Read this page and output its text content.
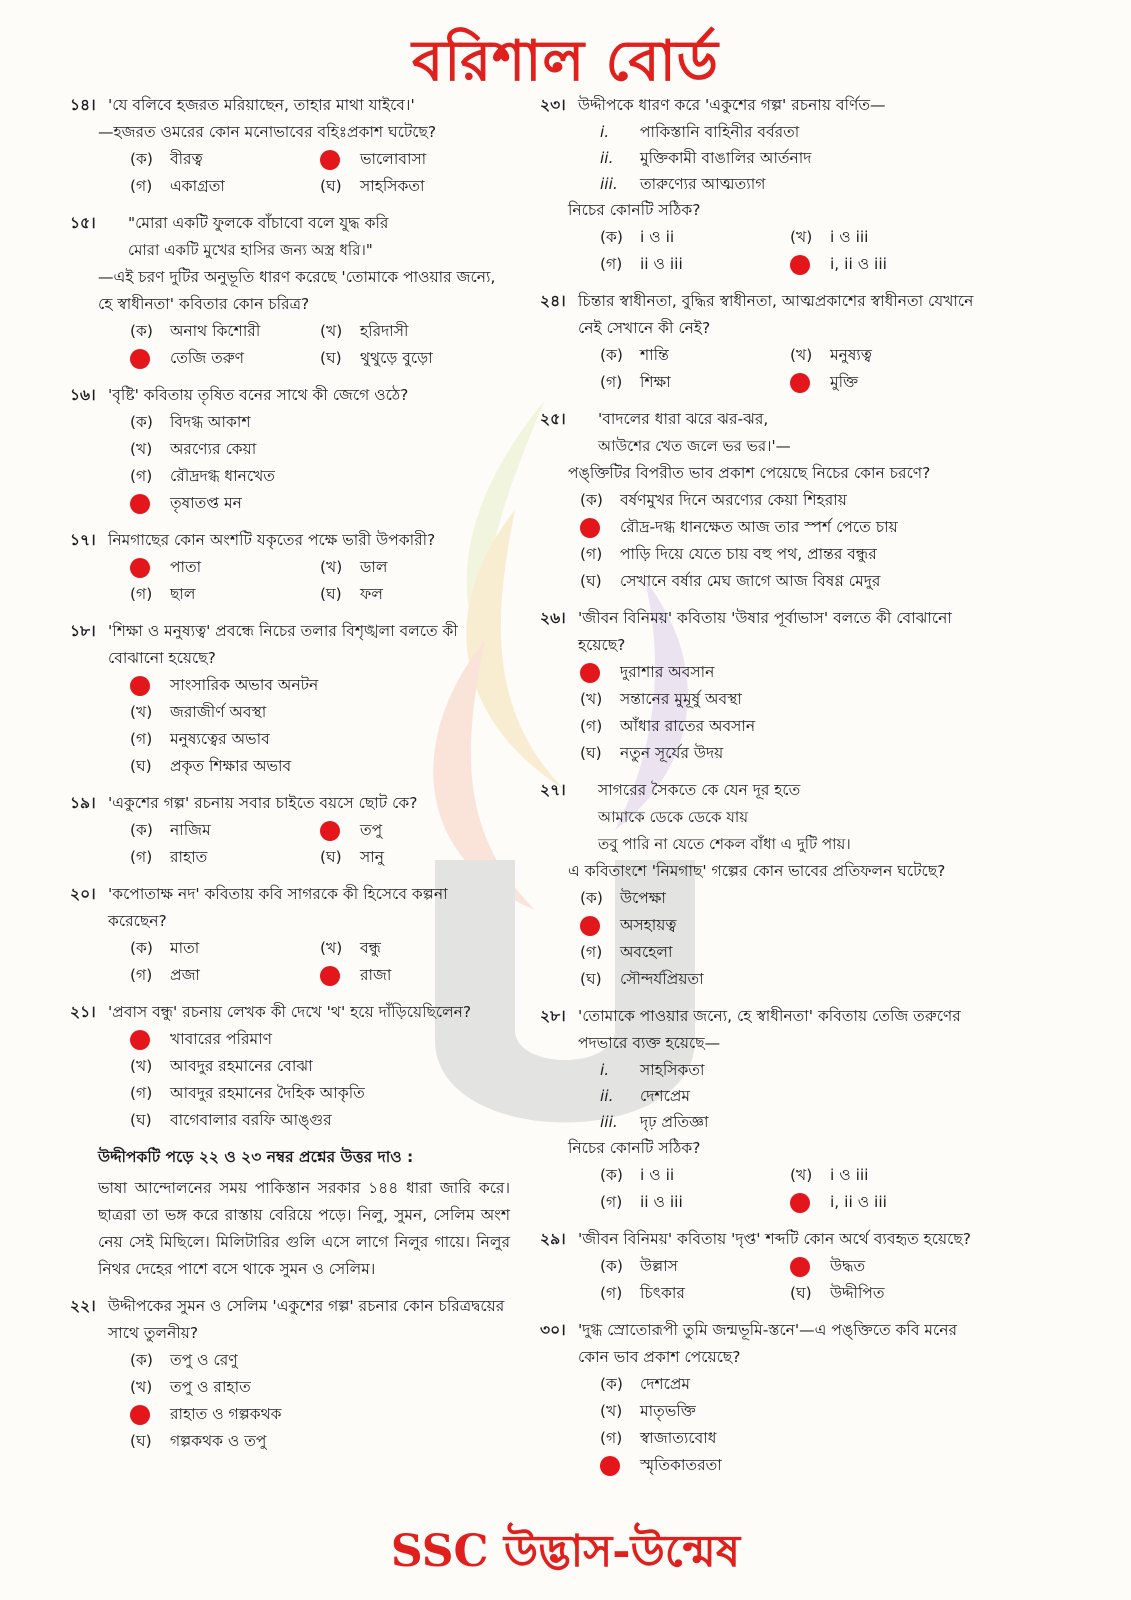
বরিশাল বোর্ড
১৪। 'যে বলিবে হজরত মরিয়াছেন, তাহার মাথা যাইবে।'
—হজরত ওমরের কোন মনোভাবের বহিঃপ্রকাশ ঘটেছে?
(ক)	বীরত্ব	ভালোবাসা
(গ)	একাগ্রতা	(ঘ)	সাহসিকতা
১৫।	"মোরা একটি ফুলকে বাঁচাবো বলে যুদ্ধ করি
মোরা একটি মুখের হাসির জন্য অস্ত্র ধরি।"
—এই চরণ দুটির অনুভূতি ধারণ করেছে 'তোমাকে পাওয়ার জন্যে, হে স্বাধীনতা' কবিতার কোন চরিত্র?
(ক)	অনাথ কিশোরী	(খ)	হরিদাসী
তেজি তরুণ	(ঘ)	থুথুড়ে বুড়ো
১৬। 'বৃষ্টি' কবিতায় তৃষিত বনের সাথে কী জেগে ওঠে?
(ক)	বিদগ্ধ আকাশ
(খ)	অরণ্যের কেয়া
(গ)	রৌদ্রদগ্ধ ধানখেত
তৃষাতপ্ত মন
১৭। নিমগাছের কোন অংশটি যকৃতের পক্ষে ভারী উপকারী?
পাতা	(খ)	ডাল
(গ)	ছাল	(ঘ)	ফল
১৮। 'শিক্ষা ও মনুষ্যত্ব' প্রবন্ধে নিচের তলার বিশৃঙ্খলা বলতে কী বোঝানো হয়েছে?
সাংসারিক অভাব অনটন
(খ)	জরাজীর্ণ অবস্থা
(গ)	মনুষ্যত্বের অভাব
(ঘ)	প্রকৃত শিক্ষার অভাব
১৯। 'একুশের গল্প' রচনায় সবার চাইতে বয়সে ছোট কে?
(ক)	নাজিম	তপু
(গ)	রাহাত	(ঘ)	সানু
২০। 'কপোতাক্ষ নদ' কবিতায় কবি সাগরকে কী হিসেবে কল্পনা করেছেন?
(ক)	মাতা	(খ)	বন্ধু
(গ)	প্রজা	রাজা
২১। 'প্রবাস বন্ধু' রচনায় লেখক কী দেখে 'থ' হয়ে দাঁড়িয়েছিলেন?
খাবারের পরিমাণ
(খ)	আবদুর রহমানের বোঝা
(গ)	আবদুর রহমানের দৈহিক আকৃতি
(ঘ)	বাগেবালার বরফি আঙ্গুর
উদ্দীপকটি পড়ে ২২ ও ২৩ নম্বর প্রশ্নের উত্তর দাও :
ভাষা আন্দোলনের সময় পাকিস্তান সরকার ১৪৪ ধারা জারি করে। ছাত্ররা তা ভঙ্গ করে রাস্তায় বেরিয়ে পড়ে। নিলু, সুমন, সেলিম অংশ নেয় সেই মিছিলে। মিলিটারির গুলি এসে লাগে নিলুর গায়ে। নিলুর নিথর দেহের পাশে বসে থাকে সুমন ও সেলিম।
২২। উদ্দীপকের সুমন ও সেলিম 'একুশের গল্প' রচনার কোন চরিত্রদ্বয়ের সাথে তুলনীয়?
(ক)	তপু ও রেণু
(খ)	তপু ও রাহাত
রাহাত ও গল্পকথক
(ঘ)	গল্পকথক ও তপু
২৩। উদ্দীপকে ধারণ করে 'একুশের গল্প' রচনায় বর্ণিত—
i.	পাকিস্তানি বাহিনীর বর্বরতা
ii.	মুক্তিকামী বাঙালির আর্তনাদ
iii.	তারুণ্যের আত্মত্যাগ
নিচের কোনটি সঠিক?
(ক)	i ও ii	(খ)	i ও iii
(গ)	ii ও iii	i, ii ও iii
২৪। চিন্তার স্বাধীনতা, বুদ্ধির স্বাধীনতা, আত্মপ্রকাশের স্বাধীনতা যেখানে নেই সেখানে কী নেই?
(ক)	শান্তি	(খ)	মনুষ্যত্ব
(গ)	শিক্ষা	মুক্তি
২৫।	'বাদলের ধারা ঝরে ঝর-ঝর,
আউশের খেত জলে ভর ভর।'—
পঙ্‌ক্তিটির বিপরীত ভাব প্রকাশ পেয়েছে নিচের কোন চরণে?
(ক)	বর্ষণমুখর দিনে অরণ্যের কেয়া শিহরায়
রৌদ্র-দগ্ধ ধানক্ষেত আজ তার স্পর্শ পেতে চায়
(গ)	পাড়ি দিয়ে যেতে চায় বহু পথ, প্রান্তর বন্ধুর
(ঘ)	সেখানে বর্ষার মেঘ জাগে আজ বিষণ্ণ মেদুর
২৬। 'জীবন বিনিময়' কবিতায় 'উষার পূর্বাভাস' বলতে কী বোঝানো হয়েছে?
দুরাশার অবসান
(খ)	সন্তানের মুমূর্ষু অবস্থা
(গ)	আঁধার রাতের অবসান
(ঘ)	নতুন সূর্যের উদয়
২৭।	সাগরের সৈকতে কে যেন দূর হতে
আমাকে ডেকে ডেকে যায়
তবু পারি না যেতে শেকল বাঁধা এ দুটি পায়।
এ কবিতাংশে 'নিমগাছ' গল্পের কোন ভাবের প্রতিফলন ঘটেছে?
(ক)	উপেক্ষা
অসহায়ত্ব
(গ)	অবহেলা
(ঘ)	সৌন্দর্যপ্রিয়তা
২৮। 'তোমাকে পাওয়ার জন্যে, হে স্বাধীনতা' কবিতায় তেজি তরুণের পদভারে ব্যক্ত হয়েছে—
i.	সাহসিকতা
ii.	দেশপ্রেম
iii.	দৃঢ় প্রতিজ্ঞা
নিচের কোনটি সঠিক?
(ক)	i ও ii	(খ)	i ও iii
(গ)	ii ও iii	i, ii ও iii
২৯। 'জীবন বিনিময়' কবিতায় 'দৃপ্ত' শব্দটি কোন অর্থে ব্যবহৃত হয়েছে?
(ক)	উল্লাস	উদ্ধত
(গ)	চিৎকার	(ঘ)	উদ্দীপিত
৩০। 'দুগ্ধ স্রোতোরূপী তুমি জন্মভূমি-স্তনে'—এ পঙ্‌ক্তিতে কবি মনের কোন ভাব প্রকাশ পেয়েছে?
(ক)	দেশপ্রেম
(খ)	মাতৃভক্তি
(গ)	স্বাজাত্যবোধ
স্মৃতিকাতরতা
SSC উদ্ভাস-উন্মেষ
